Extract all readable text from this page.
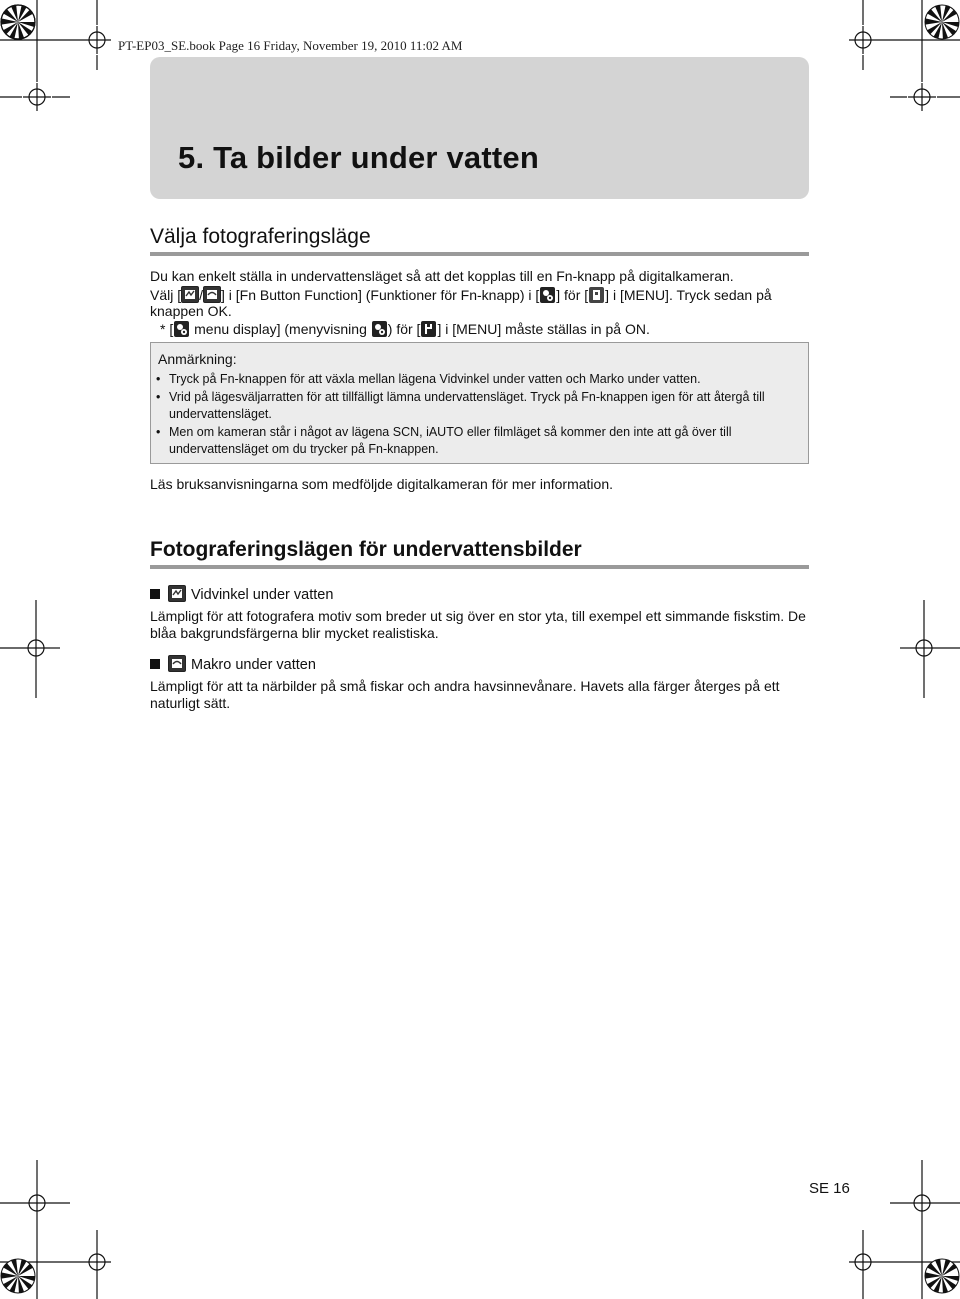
PT-EP03_SE.book Page 16 Friday, November 19, 2010 11:02 AM
5. Ta bilder under vatten
Välja fotograferingsläge
Du kan enkelt ställa in undervattensläget så att det kopplas till en Fn-knapp på digitalkameran.
Välj [ / ] i [Fn Button Function] (Funktioner för Fn-knapp) i [ ] för [ ] i [MENU]. Tryck sedan på
knappen OK.
* [ menu display] (menyvisning ) för [ ] i [MENU] måste ställas in på ON.
Anmärkning:
• Tryck på Fn-knappen för att växla mellan lägena Vidvinkel under vatten och Marko under vatten.
• Vrid på lägesväljarratten för att tillfälligt lämna undervattensläget. Tryck på Fn-knappen igen för att återgå till undervattensläget.
• Men om kameran står i något av lägena SCN, iAUTO eller filmläget så kommer den inte att gå över till undervattensläget om du trycker på Fn-knappen.
Läs bruksanvisningarna som medföljde digitalkameran för mer information.
Fotograferingslägen för undervattensbilder
Vidvinkel under vatten
Lämpligt för att fotografera motiv som breder ut sig över en stor yta, till exempel ett simmande fiskstim. De blåa bakgrundsfärgerna blir mycket realistiska.
Makro under vatten
Lämpligt för att ta närbilder på små fiskar och andra havsinnevånare. Havets alla färger återges på ett naturligt sätt.
SE 16
